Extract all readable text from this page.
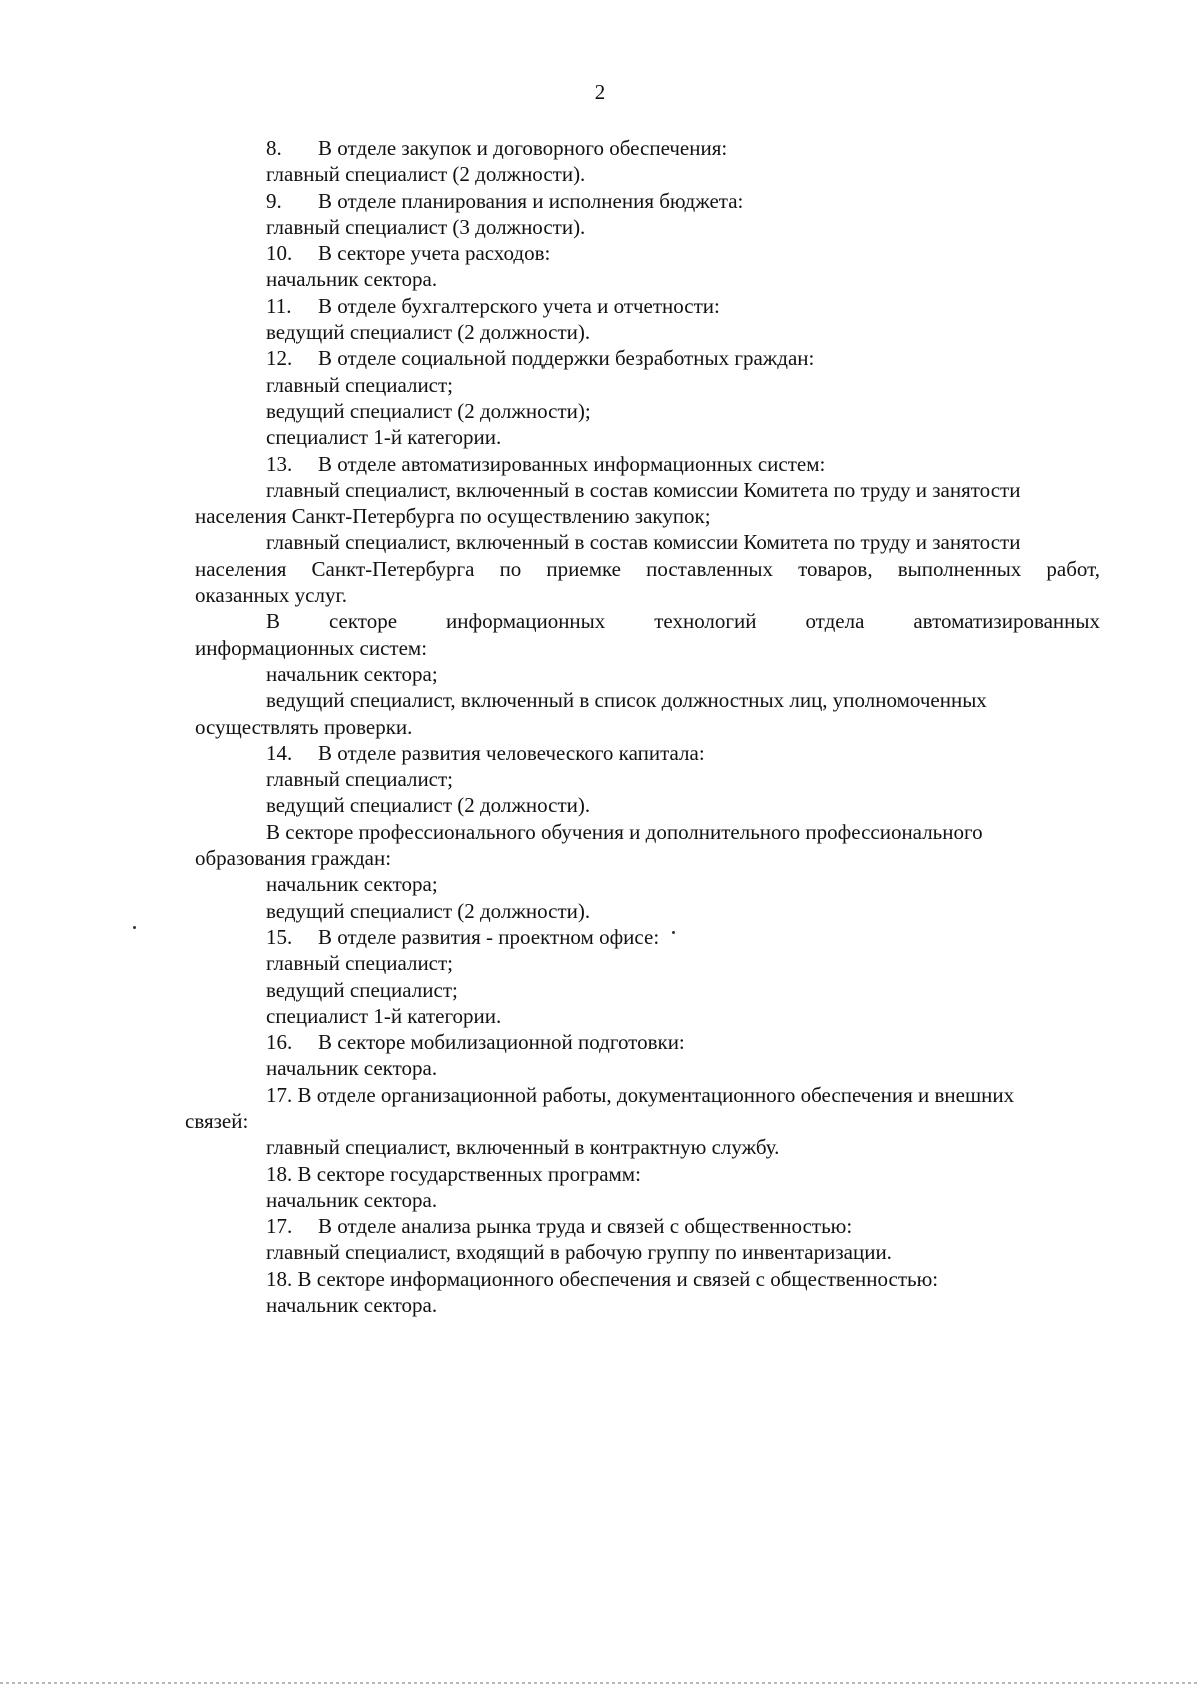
2
8. В отделе закупок и договорного обеспечения:
главный специалист (2 должности).
9. В отделе планирования и исполнения бюджета:
главный специалист (3 должности).
10. В секторе учета расходов:
начальник сектора.
11. В отделе бухгалтерского учета и отчетности:
ведущий специалист (2 должности).
12. В отделе социальной поддержки безработных граждан:
главный специалист;
ведущий специалист (2 должности);
специалист 1-й категории.
13. В отделе автоматизированных информационных систем:
главный специалист, включенный в состав комиссии Комитета по труду и занятости
населения Санкт-Петербурга по осуществлению закупок;
главный специалист, включенный в состав комиссии Комитета по труду и занятости
населения Санкт-Петербурга по приемке поставленных товаров, выполненных работ,
оказанных услуг.
В секторе информационных технологий отдела автоматизированных
информационных систем:
начальник сектора;
ведущий специалист, включенный в список должностных лиц, уполномоченных
осуществлять проверки.
14. В отделе развития человеческого капитала:
главный специалист;
ведущий специалист (2 должности).
В секторе профессионального обучения и дополнительного профессионального
образования граждан:
начальник сектора;
ведущий специалист (2 должности).
15. В отделе развития - проектном офисе:
главный специалист;
ведущий специалист;
специалист 1-й категории.
16. В секторе мобилизационной подготовки:
начальник сектора.
17. В отделе организационной работы, документационного обеспечения и внешних
связей:
главный специалист, включенный в контрактную службу.
18. В секторе государственных программ:
начальник сектора.
17. В отделе анализа рынка труда и связей с общественностью:
главный специалист, входящий в рабочую группу по инвентаризации.
18. В секторе информационного обеспечения и связей с общественностью:
начальник сектора.
